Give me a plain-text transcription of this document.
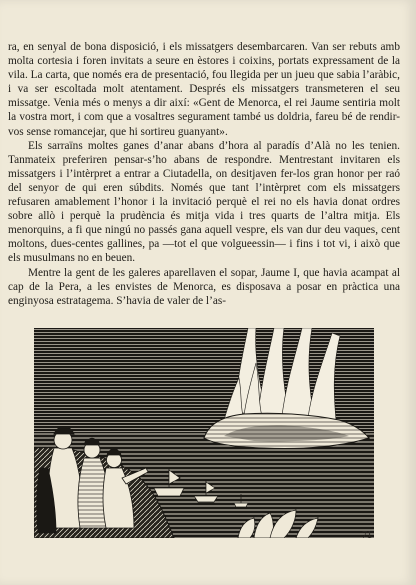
ra, en senyal de bona disposició, i els missatgers desembarcaren. Van ser rebuts amb molta cortesia i foren invitats a seure en èstores i coixins, portats expressament de la vila. La carta, que només era de presentació, fou llegida per un jueu que sabia l’aràbic, i va ser escoltada molt atentament. Després els missatgers transmeteren el seu missatge. Venia més o menys a dir així: «Gent de Menorca, el rei Jaume sentiria molt la vostra mort, i com que a vosaltres segurament també us doldria, fareu bé de rendir-vos sense romancejar, que hi sortireu guanyant».

Els sarraïns moltes ganes d’anar abans d’hora al paradís d’Alà no les tenien. Tanmateix preferiren pensar-s’ho abans de respondre. Mentrestant invitaren els missatgers i l’intèrpret a entrar a Ciutadella, on desitjaven fer-los gran honor per raó del senyor de qui eren súbdits. Només que tant l’intèrpret com els missatgers refusaren amablement l’honor i la invitació perquè el rei no els havia donat ordres sobre allò i perquè la prudència és mitja vida i tres quarts de l’altra mitja. Els menorquins, a fi que ningú no passés gana aquell vespre, els van dur deu vaques, cent moltons, dues-centes gallines, pa —tot el que volgueessin— i fins i tot vi, i això que els musulmans no en beuen.

Mentre la gent de les galeres aparellaven el sopar, Jaume I, que havia acampat al cap de la Pera, a les envistes de Menorca, es disposava a posar en pràctica una enginyosa estratagema. S’havia de valer de l’as-

71
